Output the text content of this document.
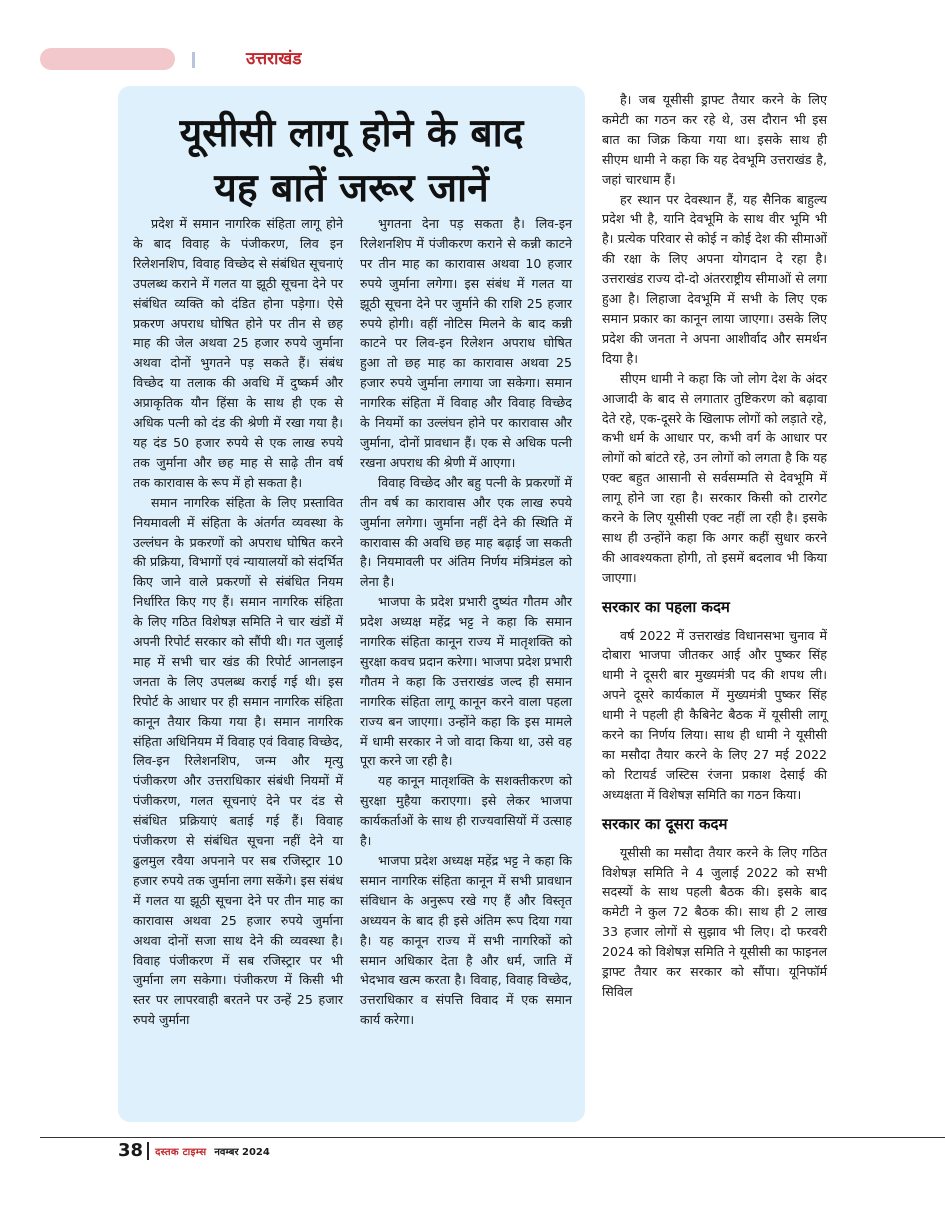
उत्तराखंड
यूसीसी लागू होने के बाद
यह बातें जरूर जानें

प्रदेश में समान नागरिक संहिता लागू होने के बाद विवाह के पंजीकरण, लिव इन रिलेशनशिप, विवाह विच्छेद से संबंधित सूचनाएं उपलब्ध कराने में गलत या झूठी सूचना देने पर संबंधित व्यक्ति को दंडित होना पड़ेगा। ऐसे प्रकरण अपराध घोषित होने पर तीन से छह माह की जेल अथवा 25 हजार रुपये जुर्माना अथवा दोनों भुगतने पड़ सकते हैं। संबंध विच्छेद या तलाक की अवधि में दुष्कर्म और अप्राकृतिक यौन हिंसा के साथ ही एक से अधिक पत्नी को दंड की श्रेणी में रखा गया है। यह दंड 50 हजार रुपये से एक लाख रुपये तक जुर्माना और छह माह से साढ़े तीन वर्ष तक कारावास के रूप में हो सकता है।

समान नागरिक संहिता के लिए प्रस्तावित नियमावली में संहिता के अंतर्गत व्यवस्था के उल्लंघन के प्रकरणों को अपराध घोषित करने की प्रक्रिया, विभागों एवं न्यायालयों को संदर्भित किए जाने वाले प्रकरणों से संबंधित नियम निर्धारित किए गए हैं। समान नागरिक संहिता के लिए गठित विशेषज्ञ समिति ने चार खंडों में अपनी रिपोर्ट सरकार को सौंपी थी। गत जुलाई माह में सभी चार खंड की रिपोर्ट आनलाइन जनता के लिए उपलब्ध कराई गई थी। इस रिपोर्ट के आधार पर ही समान नागरिक संहिता कानून तैयार किया गया है। समान नागरिक संहिता अधिनियम में विवाह एवं विवाह विच्छेद, लिव-इन रिलेशनशिप, जन्म और मृत्यु पंजीकरण और उत्तराधिकार संबंधी नियमों में पंजीकरण, गलत सूचनाएं देने पर दंड से संबंधित प्रक्रियाएं बताई गई हैं। विवाह पंजीकरण से संबंधित सूचना नहीं देने या ढुलमुल रवैया अपनाने पर सब रजिस्ट्रार 10 हजार रुपये तक जुर्माना लगा सकेंगे। इस संबंध में गलत या झूठी सूचना देने पर तीन माह का कारावास अथवा 25 हजार रुपये जुर्माना अथवा दोनों सजा साथ देने की व्यवस्था है। विवाह पंजीकरण में सब रजिस्ट्रार पर भी जुर्माना लग सकेगा। पंजीकरण में किसी भी स्तर पर लापरवाही बरतने पर उन्हें 25 हजार रुपये जुर्माना

भुगतना देना पड़ सकता है। लिव-इन रिलेशनशिप में पंजीकरण कराने से कन्नी काटने पर तीन माह का कारावास अथवा 10 हजार रुपये जुर्माना लगेगा। इस संबंध में गलत या झूठी सूचना देने पर जुर्माने की राशि 25 हजार रुपये होगी। वहीं नोटिस मिलने के बाद कन्नी काटने पर लिव-इन रिलेशन अपराध घोषित हुआ तो छह माह का कारावास अथवा 25 हजार रुपये जुर्माना लगाया जा सकेगा। समान नागरिक संहिता में विवाह और विवाह विच्छेद के नियमों का उल्लंघन होने पर कारावास और जुर्माना, दोनों प्रावधान हैं। एक से अधिक पत्नी रखना अपराध की श्रेणी में आएगा।

विवाह विच्छेद और बहु पत्नी के प्रकरणों में तीन वर्ष का कारावास और एक लाख रुपये जुर्माना लगेगा। जुर्माना नहीं देने की स्थिति में कारावास की अवधि छह माह बढ़ाई जा सकती है। नियमावली पर अंतिम निर्णय मंत्रिमंडल को लेना है।

भाजपा के प्रदेश प्रभारी दुष्यंत गौतम और प्रदेश अध्यक्ष महेंद्र भट्ट ने कहा कि समान नागरिक संहिता कानून राज्य में मातृशक्ति को सुरक्षा कवच प्रदान करेगा। भाजपा प्रदेश प्रभारी गौतम ने कहा कि उत्तराखंड जल्द ही समान नागरिक संहिता लागू कानून करने वाला पहला राज्य बन जाएगा। उन्होंने कहा कि इस मामले में धामी सरकार ने जो वादा किया था, उसे वह पूरा करने जा रही है।

यह कानून मातृशक्ति के सशक्तीकरण को सुरक्षा मुहैया कराएगा। इसे लेकर भाजपा कार्यकर्ताओं के साथ ही राज्यवासियों में उत्साह है।

भाजपा प्रदेश अध्यक्ष महेंद्र भट्ट ने कहा कि समान नागरिक संहिता कानून में सभी प्रावधान संविधान के अनुरूप रखे गए हैं और विस्तृत अध्ययन के बाद ही इसे अंतिम रूप दिया गया है। यह कानून राज्य में सभी नागरिकों को समान अधिकार देता है और धर्म, जाति में भेदभाव खत्म करता है। विवाह, विवाह विच्छेद, उत्तराधिकार व संपत्ति विवाद में एक समान कार्य करेगा।

है। जब यूसीसी ड्राफ्ट तैयार करने के लिए कमेटी का गठन कर रहे थे, उस दौरान भी इस बात का जिक्र किया गया था। इसके साथ ही सीएम धामी ने कहा कि यह देवभूमि उत्तराखंड है, जहां चारधाम हैं।

हर स्थान पर देवस्थान हैं, यह सैनिक बाहुल्य प्रदेश भी है, यानि देवभूमि के साथ वीर भूमि भी है। प्रत्येक परिवार से कोई न कोई देश की सीमाओं की रक्षा के लिए अपना योगदान दे रहा है। उत्तराखंड राज्य दो-दो अंतरराष्ट्रीय सीमाओं से लगा हुआ है। लिहाजा देवभूमि में सभी के लिए एक समान प्रकार का कानून लाया जाएगा। उसके लिए प्रदेश की जनता ने अपना आशीर्वाद और समर्थन दिया है।

सीएम धामी ने कहा कि जो लोग देश के अंदर आजादी के बाद से लगातार तुष्टिकरण को बढ़ावा देते रहे, एक-दूसरे के खिलाफ लोगों को लड़ाते रहे, कभी धर्म के आधार पर, कभी वर्ग के आधार पर लोगों को बांटते रहे, उन लोगों को लगता है कि यह एक्ट बहुत आसानी से सर्वसम्मति से देवभूमि में लागू होने जा रहा है। सरकार किसी को टारगेट करने के लिए यूसीसी एक्ट नहीं ला रही है। इसके साथ ही उन्होंने कहा कि अगर कहीं सुधार करने की आवश्यकता होगी, तो इसमें बदलाव भी किया जाएगा।

सरकार का पहला कदम

वर्ष 2022 में उत्तराखंड विधानसभा चुनाव में दोबारा भाजपा जीतकर आई और पुष्कर सिंह धामी ने दूसरी बार मुख्यमंत्री पद की शपथ ली। अपने दूसरे कार्यकाल में मुख्यमंत्री पुष्कर सिंह धामी ने पहली ही कैबिनेट बैठक में यूसीसी लागू करने का निर्णय लिया। साथ ही धामी ने यूसीसी का मसौदा तैयार करने के लिए 27 मई 2022 को रिटायर्ड जस्टिस रंजना प्रकाश देसाई की अध्यक्षता में विशेषज्ञ समिति का गठन किया।

सरकार का दूसरा कदम

यूसीसी का मसौदा तैयार करने के लिए गठित विशेषज्ञ समिति ने 4 जुलाई 2022 को सभी सदस्यों के साथ पहली बैठक की। इसके बाद कमेटी ने कुल 72 बैठक की। साथ ही 2 लाख 33 हजार लोगों से सुझाव भी लिए। दो फरवरी 2024 को विशेषज्ञ समिति ने यूसीसी का फाइनल ड्राफ्ट तैयार कर सरकार को सौंपा। यूनिफॉर्म सिविल

38 दस्तक टाइम्स नवम्बर 2024
